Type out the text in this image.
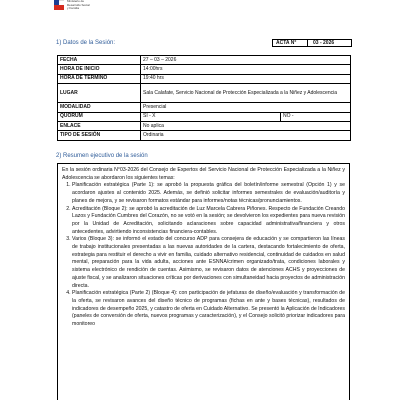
Ministerio de
Desarrollo Social
y Familia
1) Datos de la Sesión:	ACTA N°	03 - 2026
FECHA	27 – 03 – 2026	
HORA DE INICIO	14:00hrs	
HORA DE TÉRMINO	19:40 hrs	
LUGAR	Sala Calafate, Servicio Nacional de Protección Especializada a la Niñez y Adolescencia	
MODALIDAD	Presencial	
QUÓRUM	SI - X	NO -
ENLACE	No aplica	
TIPO DE SESIÓN	Ordinaria	
2) Resumen ejecutivo de la sesión

En la sesión ordinaria N°03-2026 del Consejo de Expertos del Servicio Nacional de Protección Especializada a la Niñez y Adolescencia se abordaron los siguientes temas:

1. Planificación estratégica (Parte 1): se aprobó la propuesta gráfica del boletín/informe semestral (Opción 1) y se acordaron ajustes al contenido 2025. Además, se definió solicitar informes semestrales de evaluación/auditoría y planes de mejora, y se revisaron formatos estándar para informes/notas técnicas/pronunciamientos.
2. Acreditación (Bloque 2): se aprobó la acreditación de Luz Marcela Cabrera Piñones. Respecto de Fundación Creando Lazos y Fundación Cumbres del Corazón, no se votó en la sesión; se devolvieron los expedientes para nueva revisión por la Unidad de Acreditación, solicitando aclaraciones sobre capacidad administrativa/financiera y otros antecedentes, advirtiendo inconsistencias financiera-contables.
3. Varios (Bloque 3): se informó el estado del concurso ADP para consejera de educación y se compartieron las líneas de trabajo institucionales presentadas a las nuevas autoridades de la cartera, destacando fortalecimiento de oferta, estrategia para restituir el derecho a vivir en familia, cuidado alternativo residencial, continuidad de cuidados en salud mental, preparación para la vida adulta, acciones ante ESNNA/crimen organizado/trata, condiciones laborales y sistema electrónico de rendición de cuentas. Asimismo, se revisaron datos de atenciones ACHS y proyecciones de ajuste fiscal, y se analizaron situaciones críticas por derivaciones con simultaneidad hacia proyectos de administración directa.
4. Planificación estratégica (Parte 2) (Bloque 4): con participación de jefaturas de diseño/evaluación y transformación de la oferta, se revisaron avances del diseño técnico de programas (fichas en ante y bases técnicas), resultados de indicadores de desempeño 2025, y catastro de oferta en Cuidado Alternativo. Se presentó la Aplicación de Indicadores (paneles de conversión de oferta, nuevos programas y caracterización), y el Consejo solicitó priorizar indicadores para monitoreo
